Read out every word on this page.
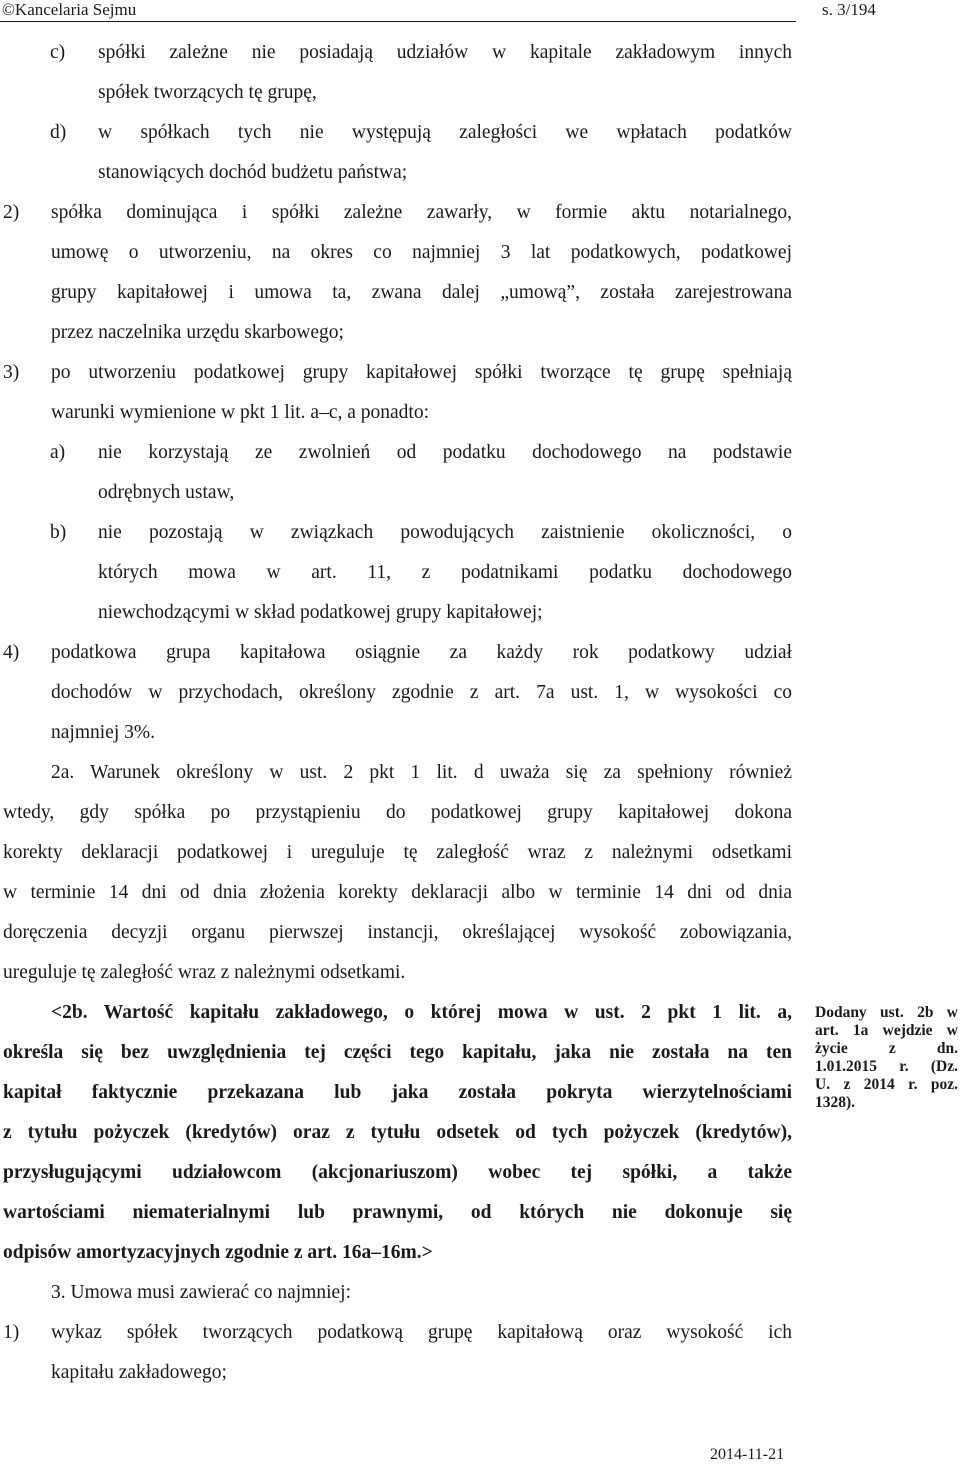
©Kancelaria Sejmu	s. 3/194
c) spółki zależne nie posiadają udziałów w kapitale zakładowym innych
spółek tworzących tę grupę,
d) w spółkach tych nie występują zaległości we wpłatach podatków
stanowiących dochód budżetu państwa;
2) spółka dominująca i spółki zależne zawarły, w formie aktu notarialnego,
umowę o utworzeniu, na okres co najmniej 3 lat podatkowych, podatkowej
grupy kapitałowej i umowa ta, zwana dalej „umową”, została zarejestrowana
przez naczelnika urzędu skarbowego;
3) po utworzeniu podatkowej grupy kapitałowej spółki tworzące tę grupę spełniają
warunki wymienione w pkt 1 lit. a–c, a ponadto:
a) nie korzystają ze zwolnień od podatku dochodowego na podstawie
odrębnych ustaw,
b) nie pozostają w związkach powodujących zaistnienie okoliczności, o
których mowa w art. 11, z podatnikami podatku dochodowego
niewchodzącymi w skład podatkowej grupy kapitałowej;
4) podatkowa grupa kapitałowa osiągnie za każdy rok podatkowy udział
dochodów w przychodach, określony zgodnie z art. 7a ust. 1, w wysokości co
najmniej 3%.
2a. Warunek określony w ust. 2 pkt 1 lit. d uważa się za spełniony również
wtedy, gdy spółka po przystąpieniu do podatkowej grupy kapitałowej dokona
korekty deklaracji podatkowej i ureguluje tę zaległość wraz z należnymi odsetkami
w terminie 14 dni od dnia złożenia korekty deklaracji albo w terminie 14 dni od dnia
doręczenia decyzji organu pierwszej instancji, określającej wysokość zobowiązania,
ureguluje tę zaległość wraz z należnymi odsetkami.
<2b. Wartość kapitału zakładowego, o której mowa w ust. 2 pkt 1 lit. a,
określa się bez uwzględnienia tej części tego kapitału, jaka nie została na ten
kapitał faktycznie przekazana lub jaka została pokryta wierzytelnościami
z tytułu pożyczek (kredytów) oraz z tytułu odsetek od tych pożyczek (kredytów),
przysługującymi udziałowcom (akcjonariuszom) wobec tej spółki, a także
wartościami niematerialnymi lub prawnymi, od których nie dokonuje się
odpisów amortyzacyjnych zgodnie z art. 16a–16m.>
Dodany ust. 2b w
art. 1a wejdzie w
życie z dn.
1.01.2015 r. (Dz.
U. z 2014 r. poz.
1328).
3. Umowa musi zawierać co najmniej:
1) wykaz spółek tworzących podatkową grupę kapitałową oraz wysokość ich
kapitału zakładowego;
2014-11-21
